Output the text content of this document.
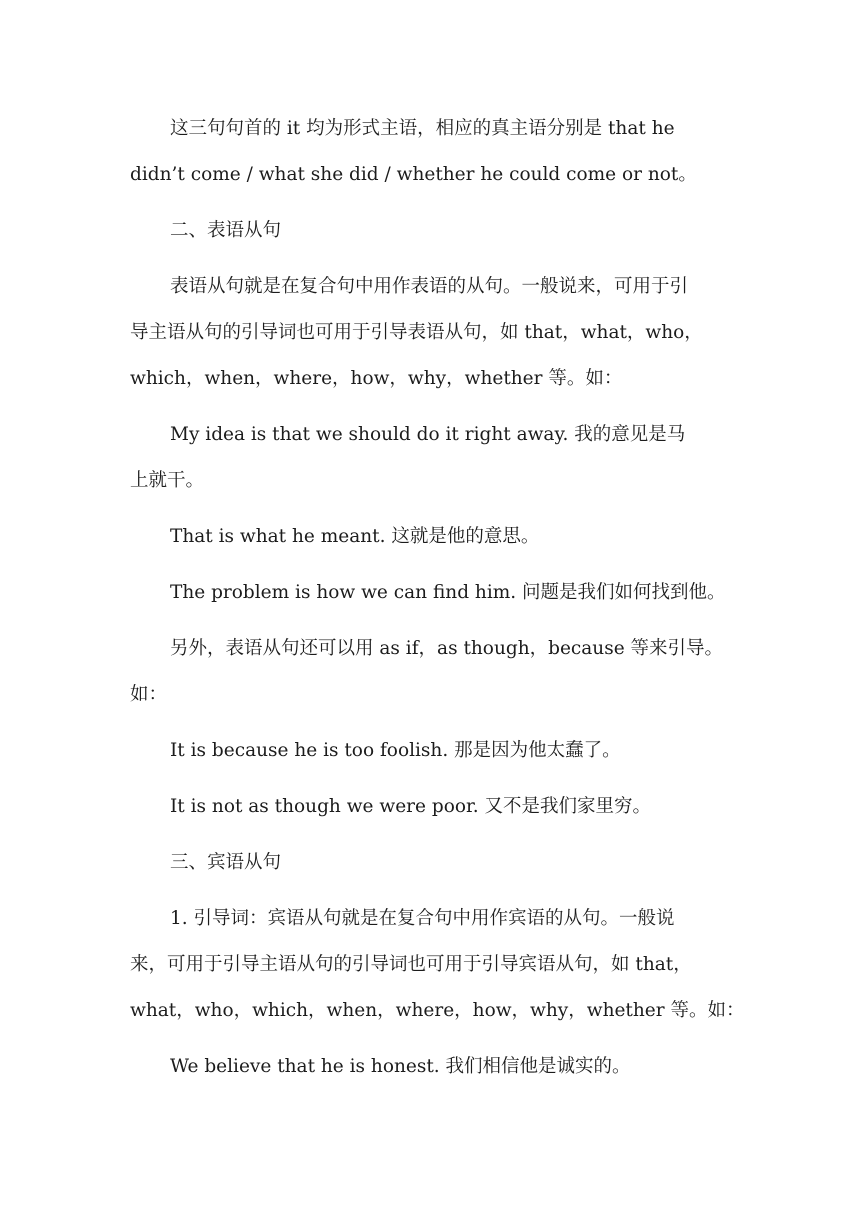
这三句句首的 it 均为形式主语，相应的真主语分别是 that he
didn’t come / what she did / whether he could come or not。
二、表语从句
表语从句就是在复合句中用作表语的从句。一般说来，可用于引
导主语从句的引导词也可用于引导表语从句，如 that，what，who，
which，when，where，how，why，whether 等。如：
My idea is that we should do it right away. 我的意见是马
上就干。
That is what he meant. 这就是他的意思。
The problem is how we can find him. 问题是我们如何找到他。
另外，表语从句还可以用 as if，as though，because 等来引导。
如：
It is because he is too foolish. 那是因为他太蠢了。
It is not as though we were poor. 又不是我们家里穷。
三、宾语从句
1. 引导词：宾语从句就是在复合句中用作宾语的从句。一般说
来，可用于引导主语从句的引导词也可用于引导宾语从句，如 that，
what，who，which，when，where，how，why，whether 等。如：
We believe that he is honest. 我们相信他是诚实的。
